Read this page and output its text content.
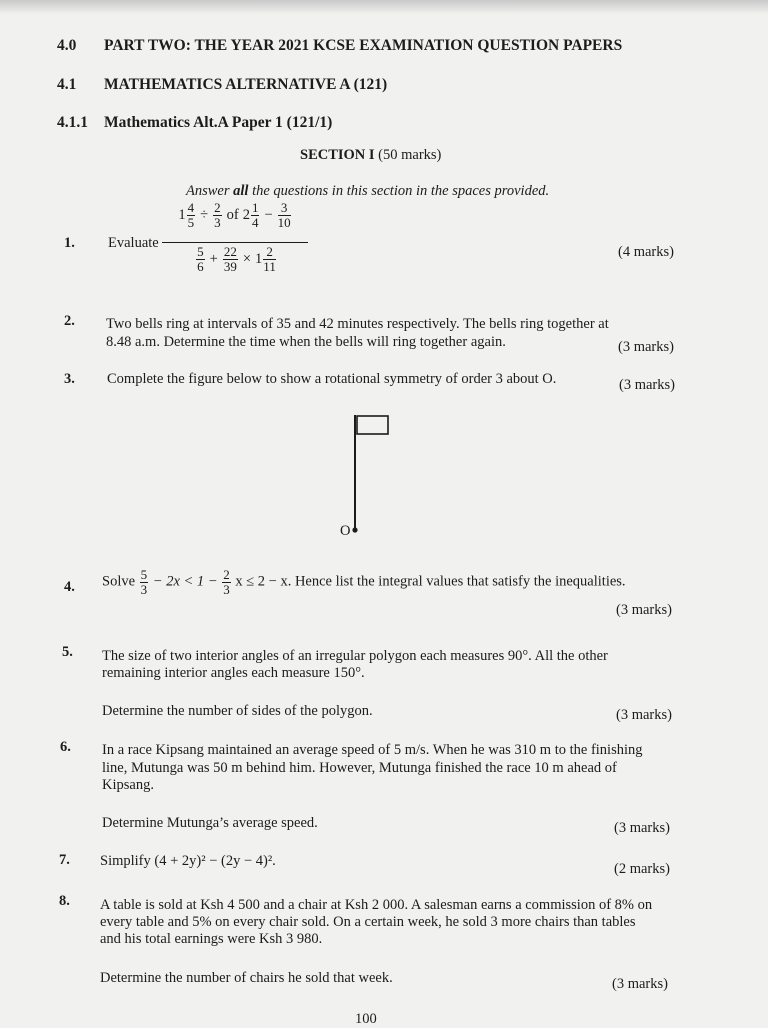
4.0 PART TWO: THE YEAR 2021 KCSE EXAMINATION QUESTION PAPERS
4.1 MATHEMATICS ALTERNATIVE A (121)
4.1.1 Mathematics Alt.A Paper 1 (121/1)
SECTION I (50 marks)
Answer all the questions in this section in the spaces provided.
1. Evaluate
$1 \frac{4}{5} \div \frac{2}{3}$ of $2 \frac{1}{4} - \frac{3}{10}$
$\frac{5}{6} + \frac{22}{39} \times 1 \frac{2}{11}$	(4 marks)
2. Two bells ring at intervals of 35 and 42 minutes respectively. The bells ring together at
8.48 a.m. Determine the time when the bells will ring together again.	(3 marks)
3. Complete the figure below to show a rotational symmetry of order 3 about O.	(3 marks)
O
4. Solve $\frac{5}{3} - 2x < 1 - \frac{2}{3}$ x ≤ 2 − x. Hence list the integral values that satisfy the inequalities.
(3 marks)
5. The size of two interior angles of an irregular polygon each measures 90°. All the other
remaining interior angles each measure 150°.
Determine the number of sides of the polygon.	(3 marks)
6. In a race Kipsang maintained an average speed of 5 m/s. When he was 310 m to the finishing
line, Mutunga was 50 m behind him. However, Mutunga finished the race 10 m ahead of
Kipsang.
Determine Mutunga’s average speed.	(3 marks)
7. Simplify (4 + 2y)² − (2y − 4)².	(2 marks)
8. A table is sold at Ksh 4 500 and a chair at Ksh 2 000. A salesman earns a commission of 8% on
every table and 5% on every chair sold. On a certain week, he sold 3 more chairs than tables
and his total earnings were Ksh 3 980.
Determine the number of chairs he sold that week.	(3 marks)
100
